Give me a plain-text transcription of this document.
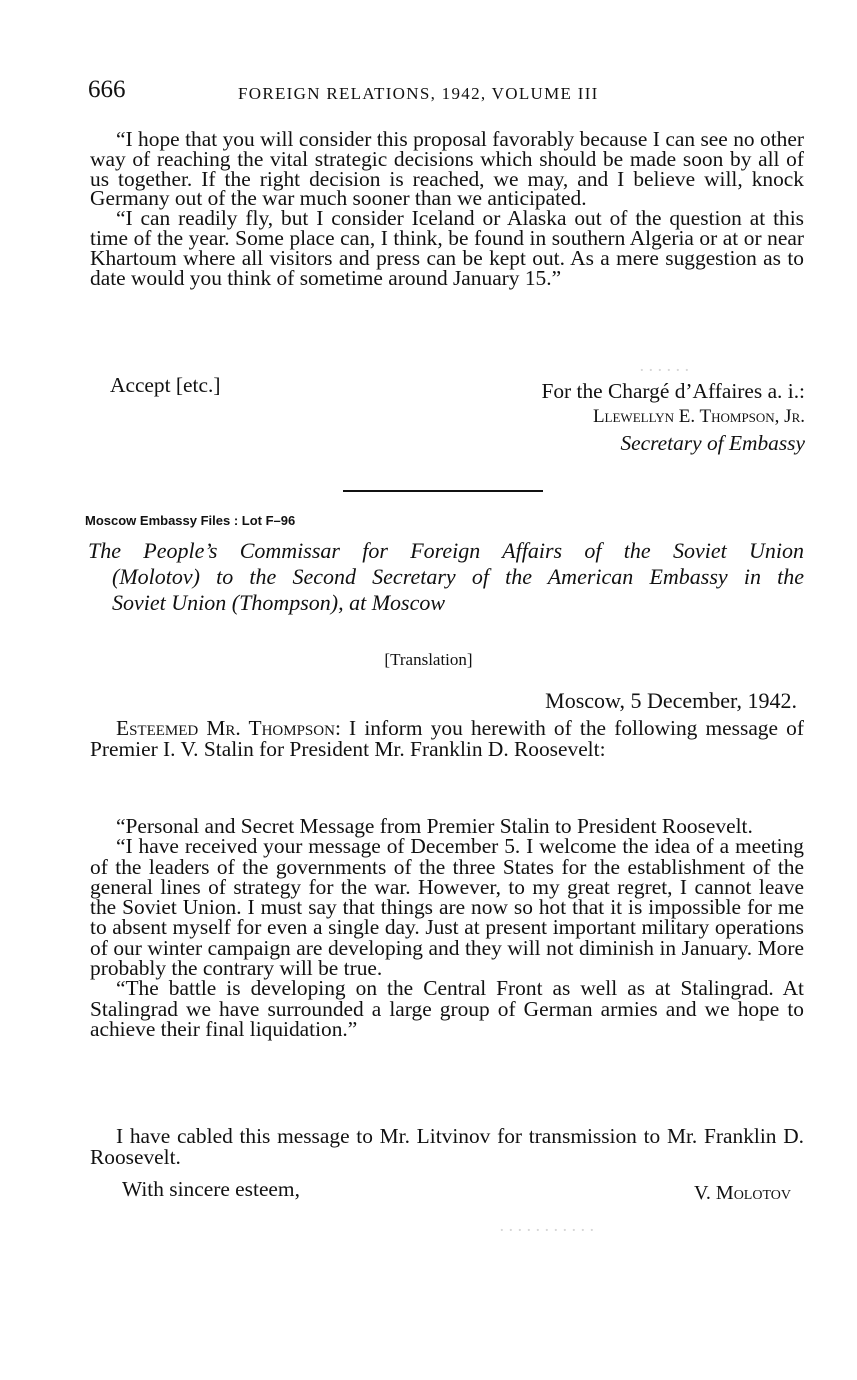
666	FOREIGN RELATIONS, 1942, VOLUME III
. . . . . .

“I hope that you will consider this proposal favorably because I can see no other way of reaching the vital strategic decisions which should be made soon by all of us together. If the right decision is reached, we may, and I believe will, knock Germany out of the war much sooner than we anticipated.

“I can readily fly, but I consider Iceland or Alaska out of the question at this time of the year. Some place can, I think, be found in southern Algeria or at or near Khartoum where all visitors and press can be kept out. As a mere suggestion as to date would you think of sometime around January 15.”

Accept [etc.]	For the Chargé d’Affaires a. i.:
Llewellyn E. Thompson, Jr.
Secretary of Embassy
Moscow Embassy Files : Lot F–96
The People’s Commissar for Foreign Affairs of the Soviet Union
(Molotov) to the Second Secretary of the American Embassy in the
Soviet Union (Thompson), at Moscow
[Translation]
Moscow, 5 December, 1942.

Esteemed Mr. Thompson: I inform you herewith of the following message of Premier I. V. Stalin for President Mr. Franklin D. Roosevelt:

“Personal and Secret Message from Premier Stalin to President Roosevelt.

“I have received your message of December 5. I welcome the idea of a meeting of the leaders of the governments of the three States for the establishment of the general lines of strategy for the war. However, to my great regret, I cannot leave the Soviet Union. I must say that things are now so hot that it is impossible for me to absent myself for even a single day. Just at present important military operations of our winter campaign are developing and they will not diminish in January. More probably the contrary will be true.

“The battle is developing on the Central Front as well as at Stalingrad. At Stalingrad we have surrounded a large group of German armies and we hope to achieve their final liquidation.”

I have cabled this message to Mr. Litvinov for transmission to Mr. Franklin D. Roosevelt.

With sincere esteem,	V. Molotov
. . . . . . . . . . .
